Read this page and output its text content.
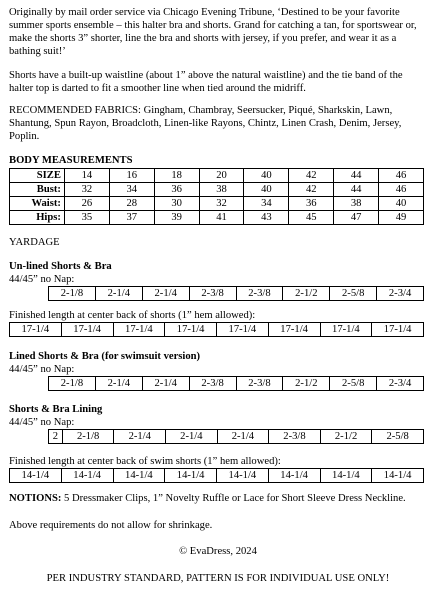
Originally by mail order service via Chicago Evening Tribune, ‘Destined to be your favorite summer sports ensemble – this halter bra and shorts. Grand for catching a tan, for sportswear or, make the shorts 3” shorter, line the bra and shorts with jersey, if you prefer, and wear it as a bathing suit!’

Shorts have a built-up waistline (about 1” above the natural waistline) and the tie band of the halter top is darted to fit a smoother line when tied around the midriff.

RECOMMENDED FABRICS: Gingham, Chambray, Seersucker, Piqué, Sharkskin, Lawn, Shantung, Spun Rayon, Broadcloth, Linen-like Rayons, Chintz, Linen Crash, Denim, Jersey, Poplin.

BODY MEASUREMENTS

SIZE	14	16	18	20	40	42	44	46
Bust:	32	34	36	38	40	42	44	46
Waist:	26	28	30	32	34	36	38	40
Hips:	35	37	39	41	43	45	47	49

YARDAGE

Un-lined Shorts & Bra

44/45” no Nap:

2-1/8	2-1/4	2-1/4	2-3/8	2-3/8	2-1/2	2-5/8	2-3/4

Finished length at center back of shorts (1” hem allowed):

17-1/4	17-1/4	17-1/4	17-1/4	17-1/4	17-1/4	17-1/4	17-1/4

Lined Shorts & Bra (for swimsuit version)

44/45” no Nap:

2-1/8	2-1/4	2-1/4	2-3/8	2-3/8	2-1/2	2-5/8	2-3/4

Shorts & Bra Lining

44/45” no Nap:

2	2-1/8	2-1/4	2-1/4	2-1/4	2-3/8	2-1/2	2-5/8

Finished length at center back of swim shorts (1” hem allowed):

14-1/4	14-1/4	14-1/4	14-1/4	14-1/4	14-1/4	14-1/4	14-1/4

NOTIONS: 5 Dressmaker Clips, 1” Novelty Ruffle or Lace for Short Sleeve Dress Neckline.

Above requirements do not allow for shrinkage.

© EvaDress, 2024

PER INDUSTRY STANDARD, PATTERN IS FOR INDIVIDUAL USE ONLY!
